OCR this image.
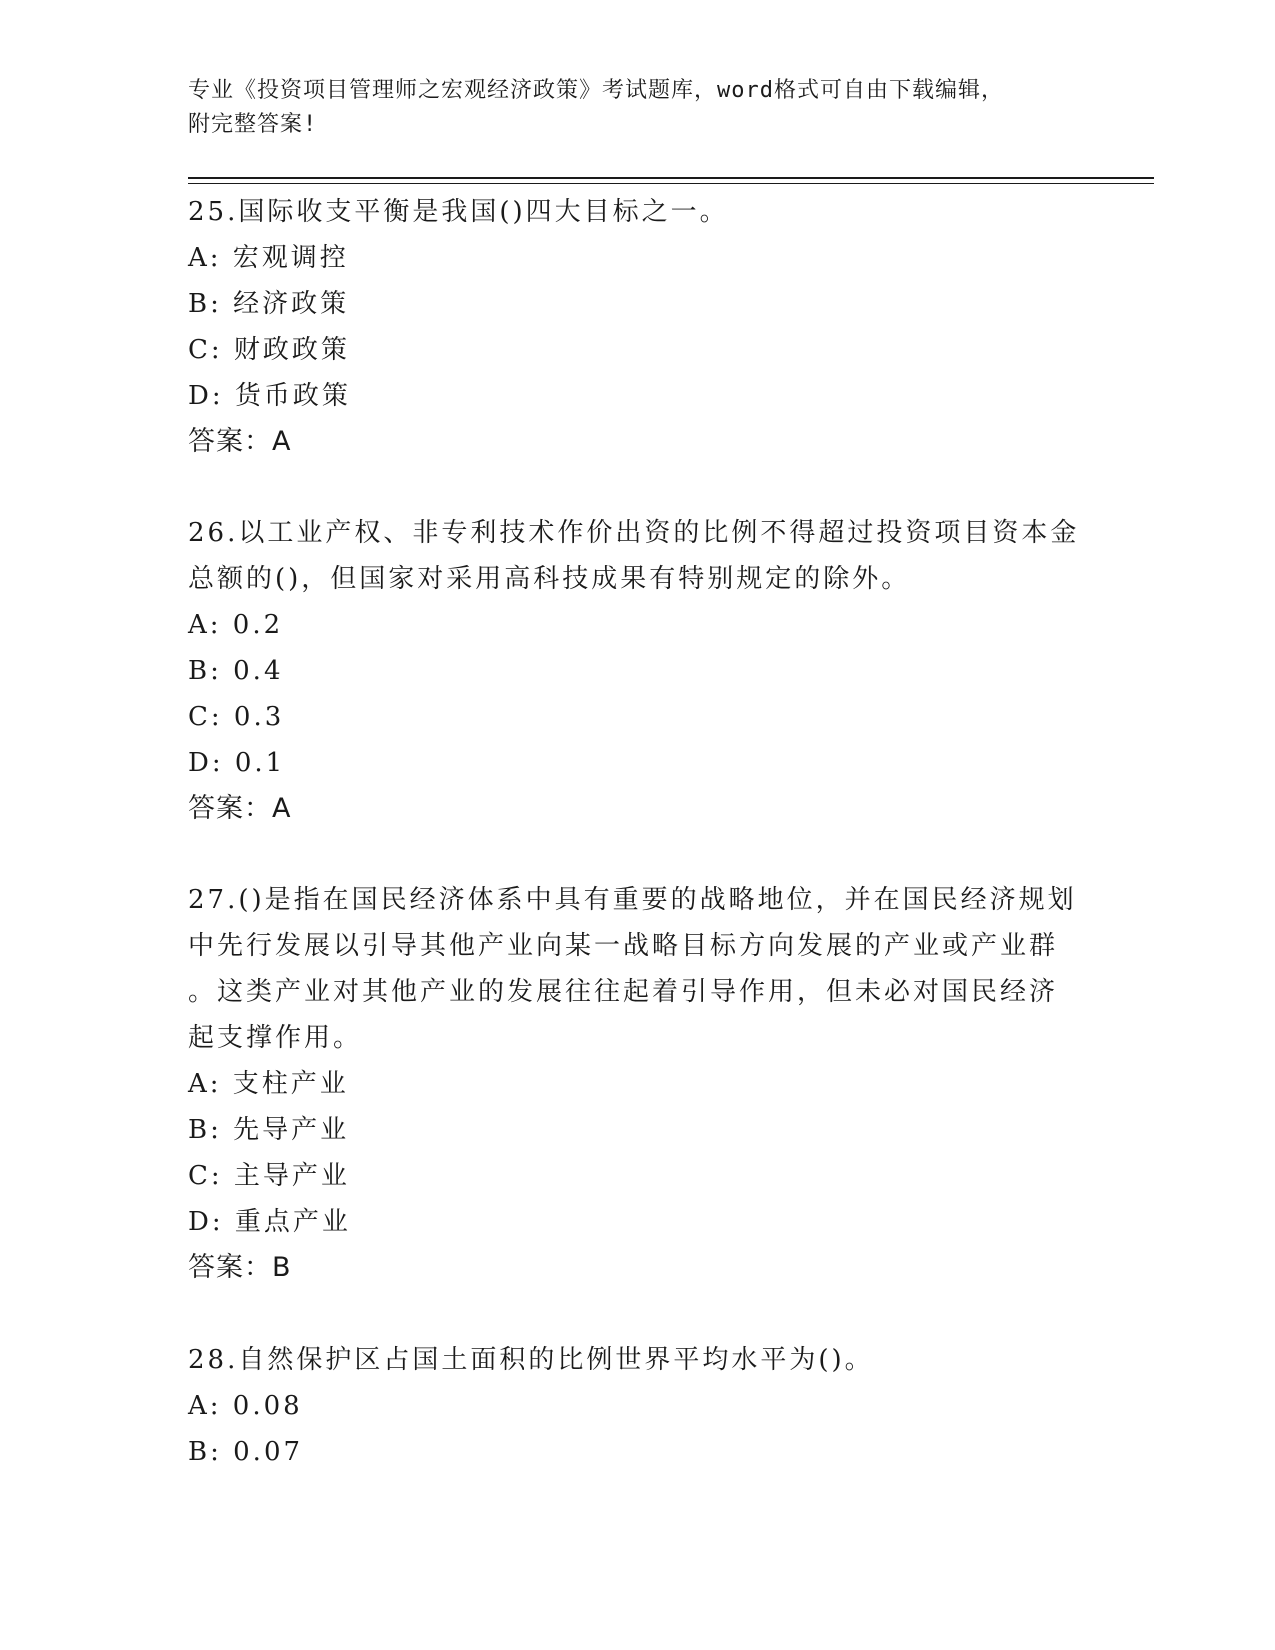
专业《投资项目管理师之宏观经济政策》考试题库，word格式可自由下载编辑，
附完整答案!
25.国际收支平衡是我国()四大目标之一。
A: 宏观调控
B: 经济政策
C: 财政政策
D: 货币政策
答案：A
26.以工业产权、非专利技术作价出资的比例不得超过投资项目资本金
总额的()，但国家对采用高科技成果有特别规定的除外。
A: 0.2
B: 0.4
C: 0.3
D: 0.1
答案：A
27.()是指在国民经济体系中具有重要的战略地位，并在国民经济规划
中先行发展以引导其他产业向某一战略目标方向发展的产业或产业群
。这类产业对其他产业的发展往往起着引导作用，但未必对国民经济
起支撑作用。
A: 支柱产业
B: 先导产业
C: 主导产业
D: 重点产业
答案：B
28.自然保护区占国土面积的比例世界平均水平为()。
A: 0.08
B: 0.07
